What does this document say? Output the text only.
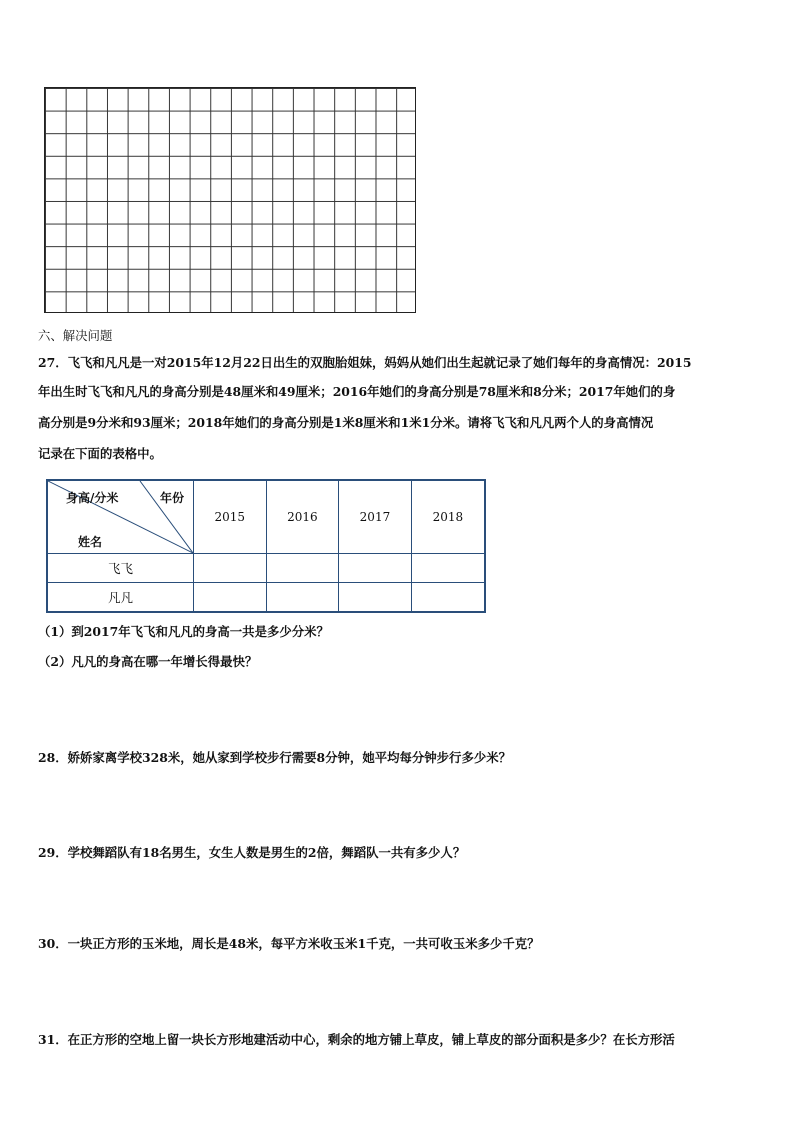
六、解决问题
27．飞飞和凡凡是一对2015年12月22日出生的双胞胎姐妹，妈妈从她们出生起就记录了她们每年的身高情况：2015
年出生时飞飞和凡凡的身高分别是48厘米和49厘米；2016年她们的身高分别是78厘米和8分米；2017年她们的身
高分别是9分米和93厘米；2018年她们的身高分别是1米8厘米和1米1分米。请将飞飞和凡凡两个人的身高情况
记录在下面的表格中。
身高/分米 年份
姓名	2015	2016	2017	2018
飞飞				
凡凡				
（1）到2017年飞飞和凡凡的身高一共是多少分米？
（2）凡凡的身高在哪一年增长得最快？
28．娇娇家离学校328米，她从家到学校步行需要8分钟，她平均每分钟步行多少米？
29．学校舞蹈队有18名男生，女生人数是男生的2倍，舞蹈队一共有多少人？
30．一块正方形的玉米地，周长是48米，每平方米收玉米1千克，一共可收玉米多少千克？
31．在正方形的空地上留一块长方形地建活动中心，剩余的地方铺上草皮，铺上草皮的部分面积是多少？在长方形活
